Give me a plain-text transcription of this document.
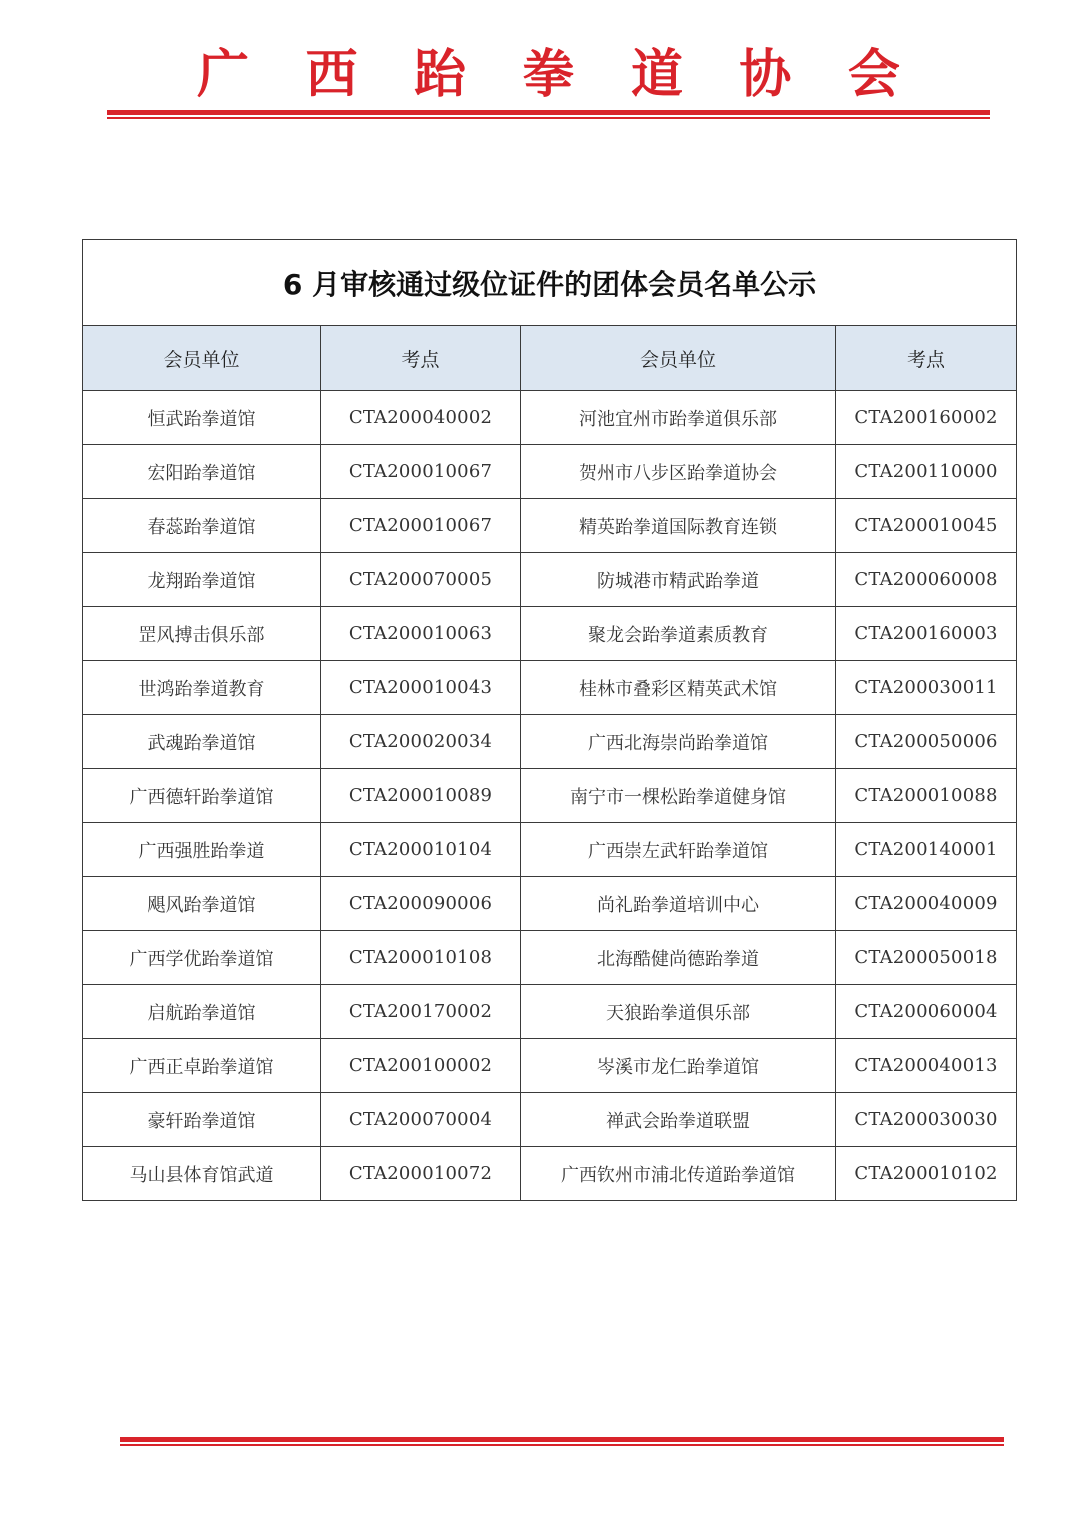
广 西 跆 拳 道 协 会
6 月审核通过级位证件的团体会员名单公示			
会员单位	考点	会员单位	考点
恒武跆拳道馆	CTA200040002	河池宜州市跆拳道俱乐部	CTA200160002
宏阳跆拳道馆	CTA200010067	贺州市八步区跆拳道协会	CTA200110000
春蕊跆拳道馆	CTA200010067	精英跆拳道国际教育连锁	CTA200010045
龙翔跆拳道馆	CTA200070005	防城港市精武跆拳道	CTA200060008
罡风搏击俱乐部	CTA200010063	聚龙会跆拳道素质教育	CTA200160003
世鸿跆拳道教育	CTA200010043	桂林市叠彩区精英武术馆	CTA200030011
武魂跆拳道馆	CTA200020034	广西北海崇尚跆拳道馆	CTA200050006
广西德轩跆拳道馆	CTA200010089	南宁市一棵松跆拳道健身馆	CTA200010088
广西强胜跆拳道	CTA200010104	广西崇左武轩跆拳道馆	CTA200140001
飓风跆拳道馆	CTA200090006	尚礼跆拳道培训中心	CTA200040009
广西学优跆拳道馆	CTA200010108	北海酷健尚德跆拳道	CTA200050018
启航跆拳道馆	CTA200170002	天狼跆拳道俱乐部	CTA200060004
广西正卓跆拳道馆	CTA200100002	岑溪市龙仁跆拳道馆	CTA200040013
豪轩跆拳道馆	CTA200070004	禅武会跆拳道联盟	CTA200030030
马山县体育馆武道	CTA200010072	广西钦州市浦北传道跆拳道馆	CTA200010102
